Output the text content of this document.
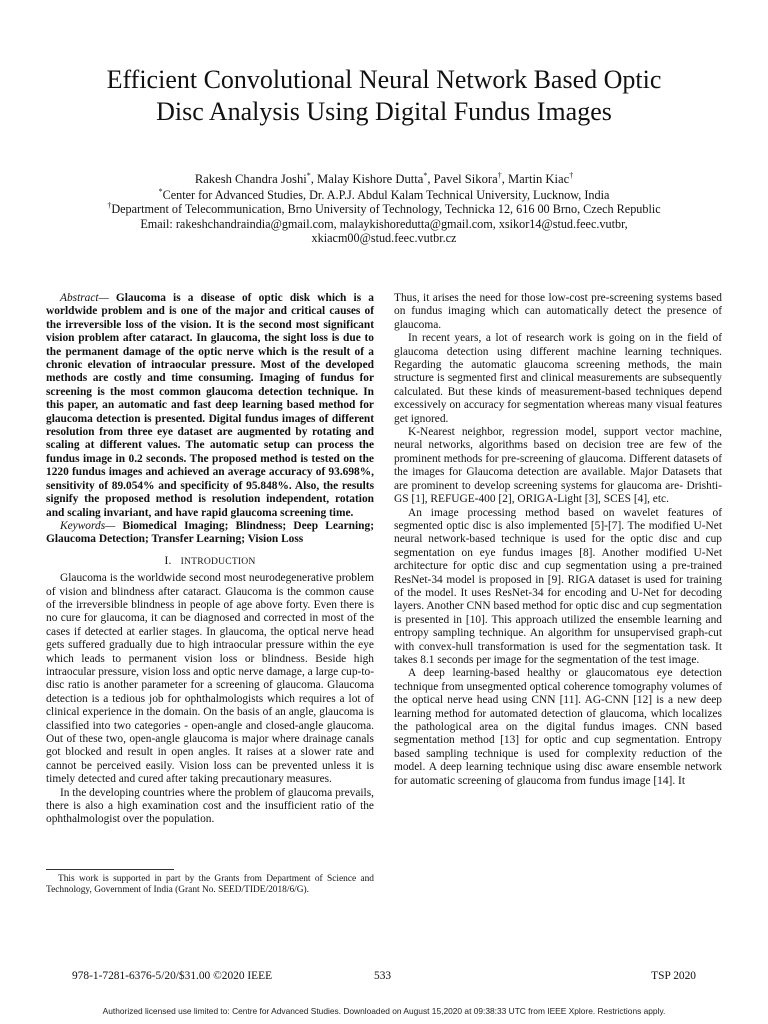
Efficient Convolutional Neural Network Based Optic
Disc Analysis Using Digital Fundus Images
Rakesh Chandra Joshi*, Malay Kishore Dutta*, Pavel Sikora†, Martin Kiac†
*Center for Advanced Studies, Dr. A.P.J. Abdul Kalam Technical University, Lucknow, India
†Department of Telecommunication, Brno University of Technology, Technicka 12, 616 00 Brno, Czech Republic
Email: rakeshchandraindia@gmail.com, malaykishoredutta@gmail.com, xsikor14@stud.feec.vutbr,
xkiacm00@stud.feec.vutbr.cz

Abstract— Glaucoma is a disease of optic disk which is a worldwide problem and is one of the major and critical causes of the irreversible loss of the vision. It is the second most significant vision problem after cataract. In glaucoma, the sight loss is due to the permanent damage of the optic nerve which is the result of a chronic elevation of intraocular pressure. Most of the developed methods are costly and time consuming. Imaging of fundus for screening is the most common glaucoma detection technique. In this paper, an automatic and fast deep learning based method for glaucoma detection is presented. Digital fundus images of different resolution from three eye dataset are augmented by rotating and scaling at different values. The automatic setup can process the fundus image in 0.2 seconds. The proposed method is tested on the 1220 fundus images and achieved an average accuracy of 93.698%, sensitivity of 89.054% and specificity of 95.848%. Also, the results signify the proposed method is resolution independent, rotation and scaling invariant, and have rapid glaucoma screening time.

Keywords— Biomedical Imaging; Blindness; Deep Learning; Glaucoma Detection; Transfer Learning; Vision Loss

I. INTRODUCTION

Glaucoma is the worldwide second most neurodegenerative problem of vision and blindness after cataract. Glaucoma is the common cause of the irreversible blindness in people of age above forty. Even there is no cure for glaucoma, it can be diagnosed and corrected in most of the cases if detected at earlier stages. In glaucoma, the optical nerve head gets suffered gradually due to high intraocular pressure within the eye which leads to permanent vision loss or blindness. Beside high intraocular pressure, vision loss and optic nerve damage, a large cup-to-disc ratio is another parameter for a screening of glaucoma. Glaucoma detection is a tedious job for ophthalmologists which requires a lot of clinical experience in the domain. On the basis of an angle, glaucoma is classified into two categories - open-angle and closed-angle glaucoma. Out of these two, open-angle glaucoma is major where drainage canals got blocked and result in open angles. It raises at a slower rate and cannot be perceived easily. Vision loss can be prevented unless it is timely detected and cured after taking precautionary measures.

In the developing countries where the problem of glaucoma prevails, there is also a high examination cost and the insufficient ratio of the ophthalmologist over the population.

Thus, it arises the need for those low-cost pre-screening systems based on fundus imaging which can automatically detect the presence of glaucoma.

In recent years, a lot of research work is going on in the field of glaucoma detection using different machine learning techniques. Regarding the automatic glaucoma screening methods, the main structure is segmented first and clinical measurements are subsequently calculated. But these kinds of measurement-based techniques depend excessively on accuracy for segmentation whereas many visual features get ignored.

K-Nearest neighbor, regression model, support vector machine, neural networks, algorithms based on decision tree are few of the prominent methods for pre-screening of glaucoma. Different datasets of the images for Glaucoma detection are available. Major Datasets that are prominent to develop screening systems for glaucoma are- Drishti-GS [1], REFUGE-400 [2], ORIGA-Light [3], SCES [4], etc.

An image processing method based on wavelet features of segmented optic disc is also implemented [5]-[7]. The modified U-Net neural network-based technique is used for the optic disc and cup segmentation on eye fundus images [8]. Another modified U-Net architecture for optic disc and cup segmentation using a pre-trained ResNet-34 model is proposed in [9]. RIGA dataset is used for training of the model. It uses ResNet-34 for encoding and U-Net for decoding layers. Another CNN based method for optic disc and cup segmentation is presented in [10]. This approach utilized the ensemble learning and entropy sampling technique. An algorithm for unsupervised graph-cut with convex-hull transformation is used for the segmentation task. It takes 8.1 seconds per image for the segmentation of the test image.

A deep learning-based healthy or glaucomatous eye detection technique from unsegmented optical coherence tomography volumes of the optical nerve head using CNN [11]. AG-CNN [12] is a new deep learning method for automated detection of glaucoma, which localizes the pathological area on the digital fundus images. CNN based segmentation method [13] for optic and cup segmentation. Entropy based sampling technique is used for complexity reduction of the model. A deep learning technique using disc aware ensemble network for automatic screening of glaucoma from fundus image [14]. It

This work is supported in part by the Grants from Department of Science and Technology, Government of India (Grant No. SEED/TIDE/2018/6/G).
978-1-7281-6376-5/20/$31.00 ©2020 IEEE	533	TSP 2020
Authorized licensed use limited to: Centre for Advanced Studies. Downloaded on August 15,2020 at 09:38:33 UTC from IEEE Xplore. Restrictions apply.
